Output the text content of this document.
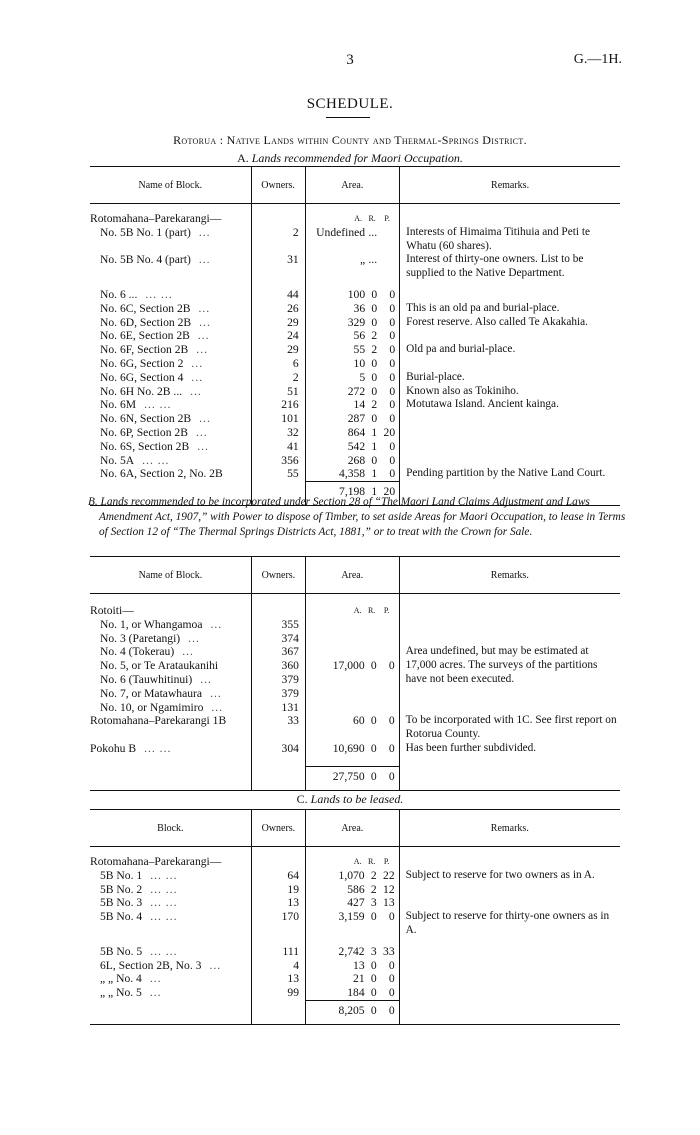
3	G.—1H.
SCHEDULE.
Rotorua : Native Lands within County and Thermal-Springs District.
A. Lands recommended for Maori Occupation.
Name of Block.	Owners.	Area.	Remarks.

Rotomahana–Parekarangi—		A. R. P.	

No. 5B No. 1 (part) ...	2	Undefined ...	Interests of Himaima Titihuia and Peti te Whatu (60 shares).
No. 5B No. 4 (part) ...	31	„ ...	Interest of thirty-one owners. List to be supplied to the Native Department.

No. 6 ... ... ...	44	100 0 0	

No. 6C, Section 2B ...	26	36 0 0	This is an old pa and burial-place.
No. 6D, Section 2B ...	29	329 0 0	Forest reserve. Also called Te Akakahia.
No. 6E, Section 2B ...	24	56 2 0	

No. 6F, Section 2B ...	29	55 2 0	Old pa and burial-place.
No. 6G, Section 2 ...	6	10 0 0	

No. 6G, Section 4 ...	2	5 0 0	Burial-place.
No. 6H No. 2B ... ...	51	272 0 0	Known also as Tokiniho.
No. 6M ... ...	216	14 2 0	Motutawa Island. Ancient kainga.
No. 6N, Section 2B ...	101	287 0 0	

No. 6P, Section 2B ...	32	864 1 20	

No. 6S, Section 2B ...	41	542 1 0	

No. 5A ... ...	356	268 0 0	

No. 6A, Section 2, No. 2B	55	4,358 1 0	Pending partition by the Native Land Court.

		7,198 1 20	

B. Lands recommended to be incorporated under Section 28 of “The Maori Land Claims Adjustment and Laws Amendment Act, 1907,” with Power to dispose of Timber, to set aside Areas for Maori Occupation, to lease in Terms of Section 12 of “The Thermal Springs Districts Act, 1881,” or to treat with the Crown for Sale.
Name of Block.	Owners.	Area.	Remarks.

Rotoiti—		A. R. P.	

No. 1, or Whangamoa ...	355	17,000 0 0	Area undefined, but may be estimated at 17,000 acres. The surveys of the partitions have not been executed.
No. 3 (Paretangi) ...	374		
No. 4 (Tokerau) ...	367		
No. 5, or Te Arataukanihi	360		
No. 6 (Tauwhitinui) ...	379		
No. 7, or Matawhaura ...	379		
No. 10, or Ngamimiro ...	131		
Rotomahana–Parekarangi 1B	33	60 0 0	To be incorporated with 1C. See first report on Rotorua County.
Pokohu B ... ...	304	10,690 0 0	Has been further subdivided.

		27,750 0 0	

C. Lands to be leased.
Block.	Owners.	Area.	Remarks.

Rotomahana–Parekarangi—		A. R. P.	

5B No. 1 ... ...	64	1,070 2 22	Subject to reserve for two owners as in A.
5B No. 2 ... ...	19	586 2 12	

5B No. 3 ... ...	13	427 3 13	

5B No. 4 ... ...	170	3,159 0 0	Subject to reserve for thirty-one owners as in A.

5B No. 5 ... ...	111	2,742 3 33	

6L, Section 2B, No. 3 ...	4	13 0 0	

„ „ No. 4 ...	13	21 0 0	

„ „ No. 5 ...	99	184 0 0	

		8,205 0 0	
